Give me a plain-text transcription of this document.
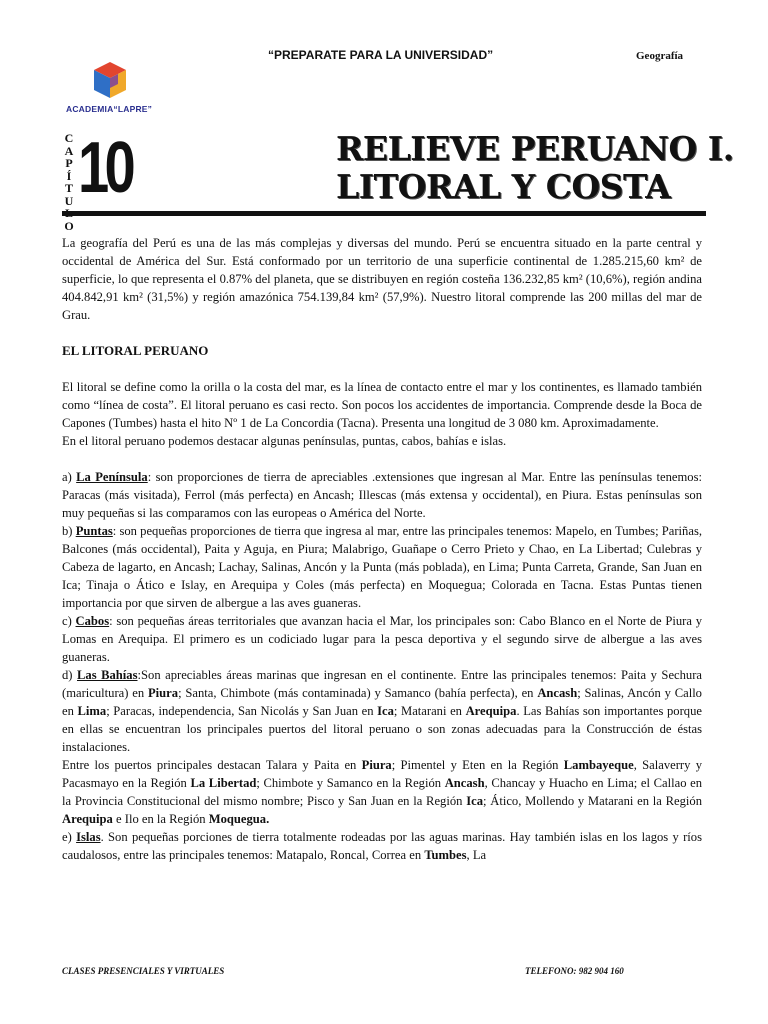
“PREPARATE PARA LA UNIVERSIDAD”	Geografía
ACADEMIA“LAPRE”
C
A
P
Í
T
U
O
10	RELIEVE PERUANO I.
LITORAL Y COSTA

La geografía del Perú es una de las más complejas y diversas del mundo. Perú se encuentra situado en la parte central y occidental de América del Sur. Está conformado por un territorio de una superficie continental de 1.285.215,60 km² de superficie, lo que representa el 0.87% del planeta, que se distribuyen en región costeña 136.232,85 km² (10,6%), región andina 404.842,91 km² (31,5%) y región amazónica 754.139,84 km² (57,9%). Nuestro litoral comprende las 200 millas del mar de Grau.

EL LITORAL PERUANO

El litoral se define como la orilla o la costa del mar, es la línea de contacto entre el mar y los continentes, es llamado también como “línea de costa”. El litoral peruano es casi recto. Son pocos los accidentes de importancia. Comprende desde la Boca de Capones (Tumbes) hasta el hito Nº 1 de La Concordia (Tacna). Presenta una longitud de 3 080 km. Aproximadamente.

En el litoral peruano podemos destacar algunas penínsulas, puntas, cabos, bahías e islas.

a) La Península: son proporciones de tierra de apreciables .extensiones que ingresan al Mar. Entre las penínsulas tenemos: Paracas (más visitada), Ferrol (más perfecta) en Ancash; Illescas (más extensa y occidental), en Piura. Estas penínsulas son muy pequeñas si las comparamos con las europeas o América del Norte.

b) Puntas: son pequeñas proporciones de tierra que ingresa al mar, entre las principales tenemos: Mapelo, en Tumbes; Pariñas, Balcones (más occidental), Paita y Aguja, en Piura; Malabrigo, Guañape o Cerro Prieto y Chao, en La Libertad; Culebras y Cabeza de lagarto, en Ancash; Lachay, Salinas, Ancón y la Punta (más poblada), en Lima; Punta Carreta, Grande, San Juan en Ica; Tinaja o Ático e Islay, en Arequipa y Coles (más perfecta) en Moquegua; Colorada en Tacna. Estas Puntas tienen importancia por que sirven de albergue a las aves guaneras.

c) Cabos: son pequeñas áreas territoriales que avanzan hacia el Mar, los principales son: Cabo Blanco en el Norte de Piura y Lomas en Arequipa. El primero es un codiciado lugar para la pesca deportiva y el segundo sirve de albergue a las aves guaneras.

d) Las Bahías:Son apreciables áreas marinas que ingresan en el continente. Entre las principales tenemos: Paita y Sechura (maricultura) en Piura; Santa, Chimbote (más contaminada) y Samanco (bahía perfecta), en Ancash; Salinas, Ancón y Callo en Lima; Paracas, independencia, San Nicolás y San Juan en Ica; Matarani en Arequipa. Las Bahías son importantes porque en ellas se encuentran los principales puertos del litoral peruano o son zonas adecuadas para la Construcción de éstas instalaciones.

Entre los puertos principales destacan Talara y Paita en Piura; Pimentel y Eten en la Región Lambayeque, Salaverry y Pacasmayo en la Región La Libertad; Chimbote y Samanco en la Región Ancash, Chancay y Huacho en Lima; el Callao en la Provincia Constitucional del mismo nombre; Pisco y San Juan en la Región Ica; Ático, Mollendo y Matarani en la Región Arequipa e Ilo en la Región Moquegua.

e) Islas. Son pequeñas porciones de tierra totalmente rodeadas por las aguas marinas. Hay también islas en los lagos y ríos caudalosos, entre las principales tenemos: Matapalo, Roncal, Correa en Tumbes, La

CLASES PRESENCIALES Y VIRTUALES	TELEFONO: 982 904 160
